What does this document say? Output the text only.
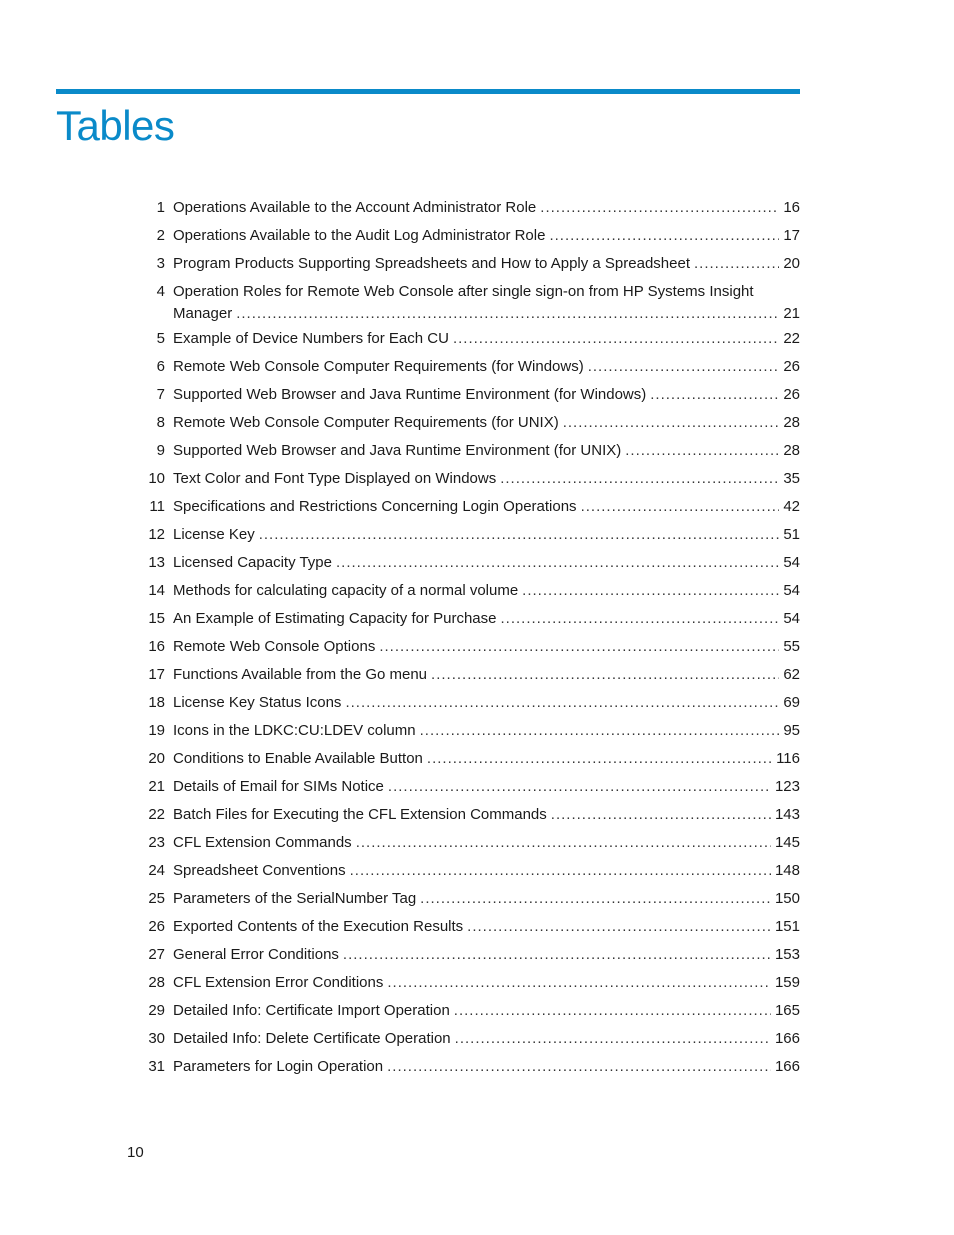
Tables
1 Operations Available to the Account Administrator Role .....	16
2 Operations Available to the Audit Log Administrator Role .....	17
3 Program Products Supporting Spreadsheets and How to Apply a Spreadsheet .....	20
4 Operation Roles for Remote Web Console after single sign-on from HP Systems Insight
Manager .....	21
5 Example of Device Numbers for Each CU .....	22
6 Remote Web Console Computer Requirements (for Windows) .....	26
7 Supported Web Browser and Java Runtime Environment (for Windows) .....	26
8 Remote Web Console Computer Requirements (for UNIX) .....	28
9 Supported Web Browser and Java Runtime Environment (for UNIX) .....	28
10 Text Color and Font Type Displayed on Windows .....	35
11 Specifications and Restrictions Concerning Login Operations .....	42
12 License Key .....	51
13 Licensed Capacity Type .....	54
14 Methods for calculating capacity of a normal volume .....	54
15 An Example of Estimating Capacity for Purchase .....	54
16 Remote Web Console Options .....	55
17 Functions Available from the Go menu .....	62
18 License Key Status Icons .....	69
19 Icons in the LDKC:CU:LDEV column .....	95
20 Conditions to Enable Available Button .....	116
21 Details of Email for SIMs Notice .....	123
22 Batch Files for Executing the CFL Extension Commands .....	143
23 CFL Extension Commands .....	145
24 Spreadsheet Conventions .....	148
25 Parameters of the SerialNumber Tag .....	150
26 Exported Contents of the Execution Results .....	151
27 General Error Conditions .....	153
28 CFL Extension Error Conditions .....	159
29 Detailed Info: Certificate Import Operation .....	165
30 Detailed Info: Delete Certificate Operation .....	166
31 Parameters for Login Operation .....	166
10
